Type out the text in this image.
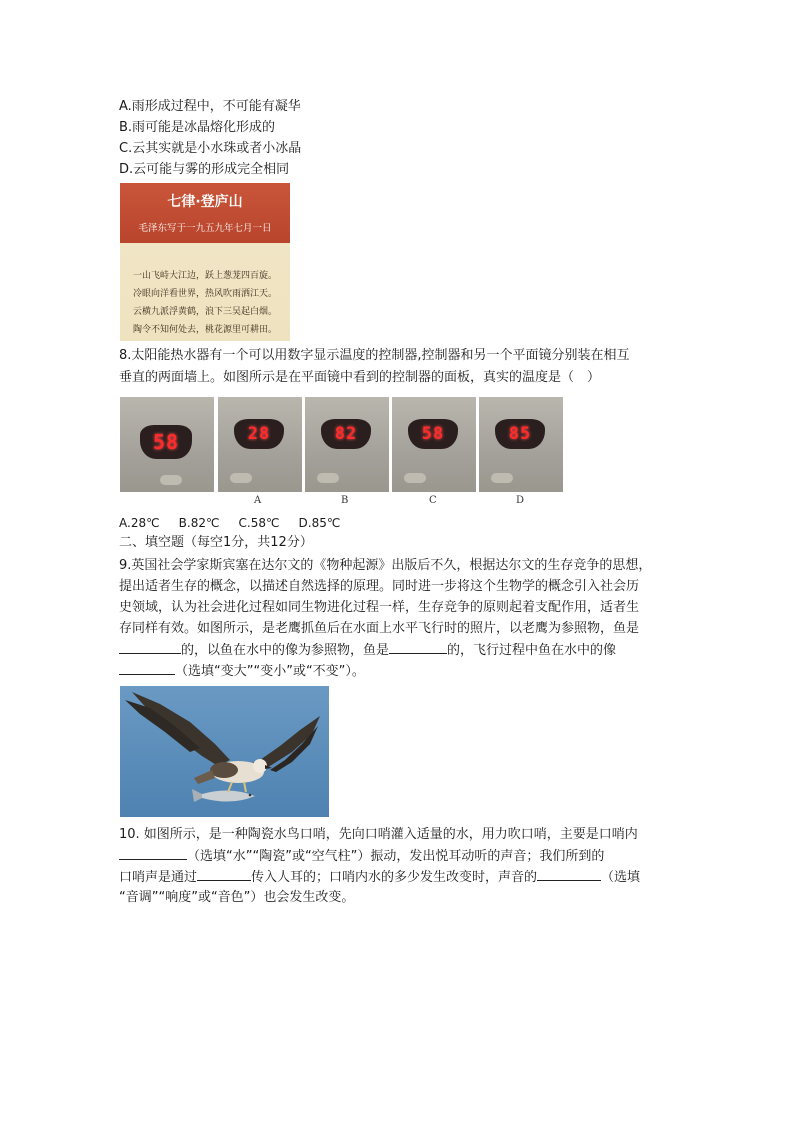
A.雨形成过程中，不可能有凝华
B.雨可能是冰晶熔化形成的
C.云其实就是小水珠或者小冰晶
D.云可能与雾的形成完全相同
七律·登庐山
毛泽东写于一九五九年七月一日
一山飞峙大江边，跃上葱茏四百旋。
冷眼向洋看世界，热风吹雨洒江天。
云横九派浮黄鹤，浪下三吴起白烟。
陶令不知何处去，桃花源里可耕田。
8.太阳能热水器有一个可以用数字显示温度的控制器,控制器和另一个平面镜分别装在相互
垂直的两面墙上。如图所示是在平面镜中看到的控制器的面板，真实的温度是（　）
58	28	82	58	85
A	B	C	D
A.28℃ B.82℃ C.58℃ D.85℃
二、填空题（每空1分，共12分）
9.英国社会学家斯宾塞在达尔文的《物种起源》出版后不久，根据达尔文的生存竞争的思想，
提出适者生存的概念，以描述自然选择的原理。同时进一步将这个生物学的概念引入社会历
史领域，认为社会进化过程如同生物进化过程一样，生存竞争的原则起着支配作用，适者生
存同样有效。如图所示，是老鹰抓鱼后在水面上水平飞行时的照片，以老鹰为参照物，鱼是
的，以鱼在水中的像为参照物，鱼是	的，飞行过程中鱼在水中的像
（选填“变大”“变小”或“不变”）。
10. 如图所示，是一种陶瓷水鸟口哨，先向口哨灌入适量的水，用力吹口哨，主要是口哨内
（选填“水”“陶瓷”或“空气柱”）振动，发出悦耳动听的声音；我们所到的
口哨声是通过	传入人耳的；口哨内水的多少发生改变时，声音的	（选填
“音调”“响度”或“音色”）也会发生改变。
